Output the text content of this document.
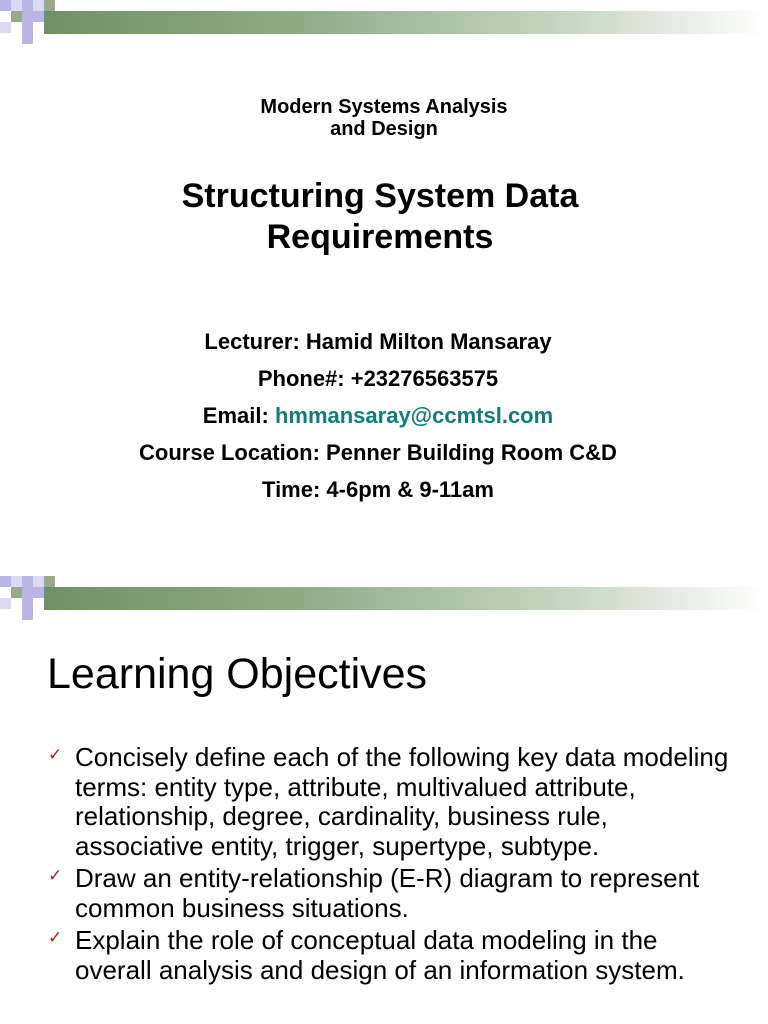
Modern Systems Analysis
and Design
Structuring System Data
Requirements
Lecturer: Hamid Milton Mansaray
Phone#: +23276563575
Email: hmmansaray@ccmtsl.com
Course Location: Penner Building Room C&D
Time: 4-6pm & 9-11am
Learning Objectives
✓ Concisely define each of the following key data modeling terms: entity type, attribute, multivalued attribute, relationship, degree, cardinality, business rule, associative entity, trigger, supertype, subtype.
✓ Draw an entity-relationship (E-R) diagram to represent common business situations.
✓ Explain the role of conceptual data modeling in the overall analysis and design of an information system.
